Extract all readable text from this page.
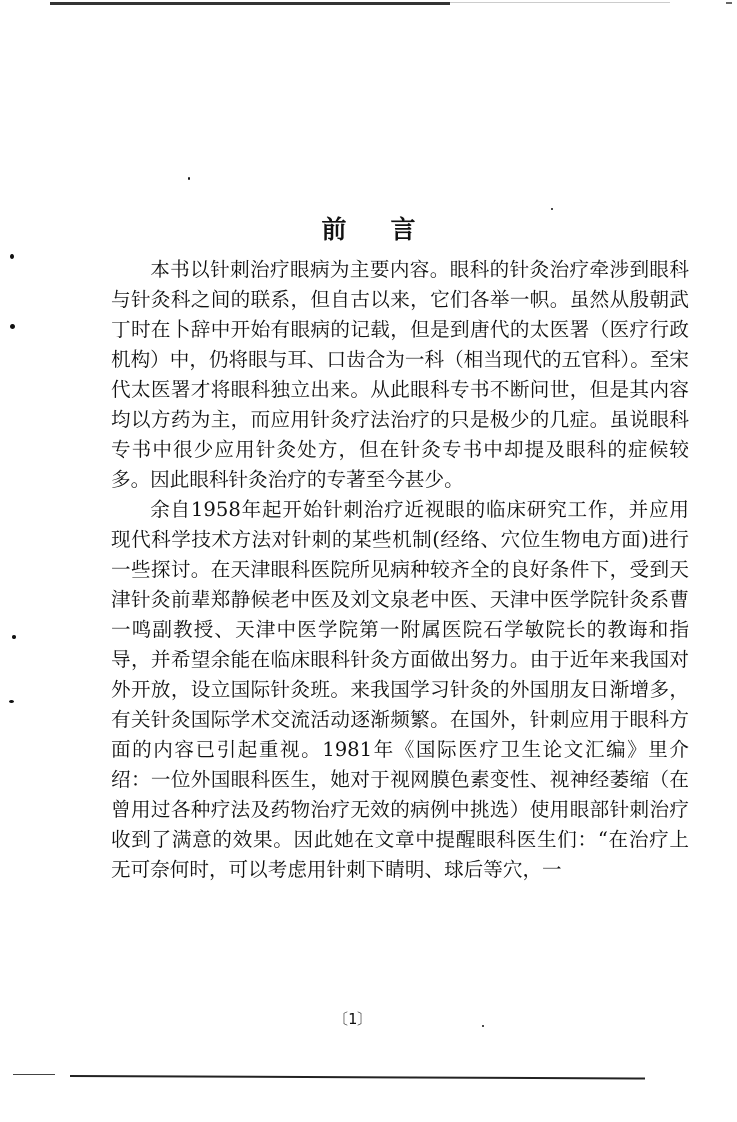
前言

本书以针刺治疗眼病为主要内容。眼科的针灸治疗牵涉到眼科与针灸科之间的联系，但自古以来，它们各举一帜。虽然从殷朝武丁时在卜辞中开始有眼病的记载，但是到唐代的太医署（医疗行政机构）中，仍将眼与耳、口齿合为一科（相当现代的五官科）。至宋代太医署才将眼科独立出来。从此眼科专书不断问世，但是其内容均以方药为主，而应用针灸疗法治疗的只是极少的几症。虽说眼科专书中很少应用针灸处方，但在针灸专书中却提及眼科的症候较多。因此眼科针灸治疗的专著至今甚少。

余自1958年起开始针刺治疗近视眼的临床研究工作，并应用现代科学技术方法对针刺的某些机制(经络、穴位生物电方面)进行一些探讨。在天津眼科医院所见病种较齐全的良好条件下，受到天津针灸前辈郑静候老中医及刘文泉老中医、天津中医学院针灸系曹一鸣副教授、天津中医学院第一附属医院石学敏院长的教诲和指导，并希望余能在临床眼科针灸方面做出努力。由于近年来我国对外开放，设立国际针灸班。来我国学习针灸的外国朋友日渐增多，有关针灸国际学术交流活动逐渐频繁。在国外，针刺应用于眼科方面的内容已引起重视。1981年《国际医疗卫生论文汇编》里介绍：一位外国眼科医生，她对于视网膜色素变性、视神经萎缩（在曾用过各种疗法及药物治疗无效的病例中挑选）使用眼部针刺治疗收到了满意的效果。因此她在文章中提醒眼科医生们：“在治疗上无可奈何时，可以考虑用针刺下睛明、球后等穴，一

〔1〕
